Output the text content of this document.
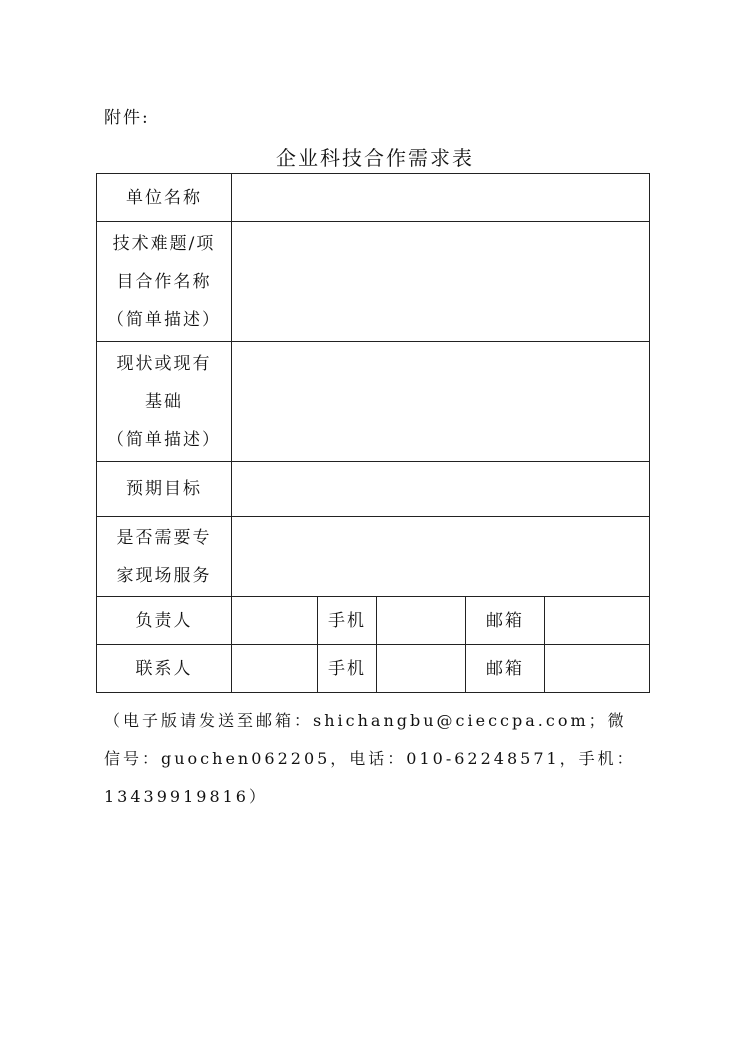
附件:
企业科技合作需求表
单位名称					

技术难题/项
目合作名称
（简单描述）					

现状或现有
基础
（简单描述）					

预期目标					

是否需要专
家现场服务					

负责人		手机		邮箱	
联系人		手机		邮箱	
（电子版请发送至邮箱：shichangbu@cieccpa.com；微信号：guochen062205，电话：010-62248571，手机：13439919816）
